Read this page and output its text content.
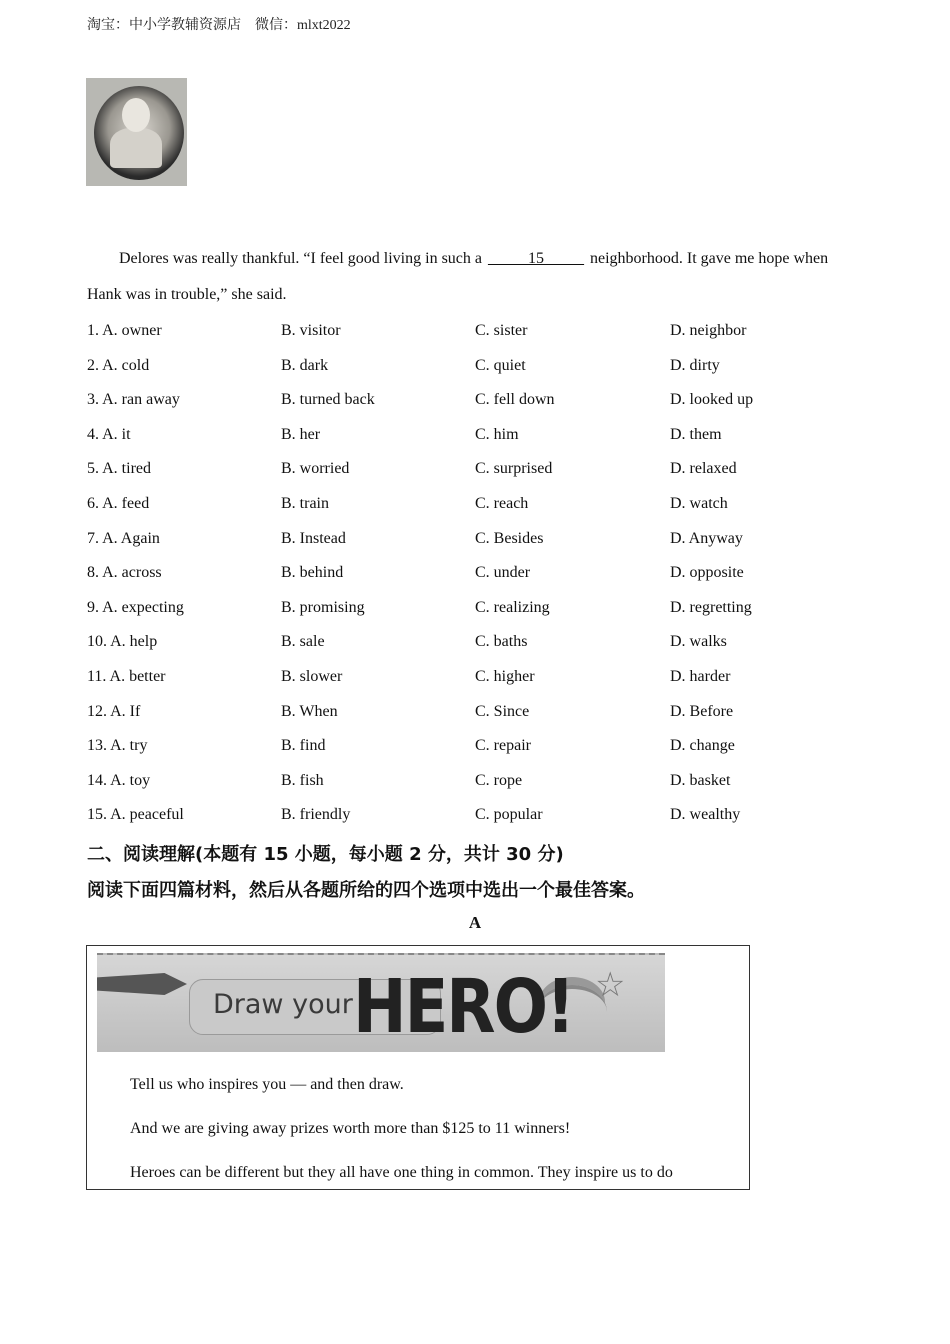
淘宝：中小学教辅资源店　微信：mlxt2022
Delores was really thankful. “I feel good living in such a _____15_____ neighborhood. It gave me hope when
Hank was in trouble,” she said.
1. A. owner	B. visitor	C. sister	D. neighbor
2. A. cold	B. dark	C. quiet	D. dirty
3. A. ran away	B. turned back	C. fell down	D. looked up
4. A. it	B. her	C. him	D. them
5. A. tired	B. worried	C. surprised	D. relaxed
6. A. feed	B. train	C. reach	D. watch
7. A. Again	B. Instead	C. Besides	D. Anyway
8. A. across	B. behind	C. under	D. opposite
9. A. expecting	B. promising	C. realizing	D. regretting
10. A. help	B. sale	C. baths	D. walks
11. A. better	B. slower	C. higher	D. harder
12. A. If	B. When	C. Since	D. Before
13. A. try	B. find	C. repair	D. change
14. A. toy	B. fish	C. rope	D. basket
15. A. peaceful	B. friendly	C. popular	D. wealthy
二、阅读理解(本题有 15 小题，每小题 2 分，共计 30 分)
阅读下面四篇材料，然后从各题所给的四个选项中选出一个最佳答案。
A
Draw your HERO! ☆
Tell us who inspires you — and then draw.
And we are giving away prizes worth more than $125 to 11 winners!
Heroes can be different but they all have one thing in common. They inspire us to do
